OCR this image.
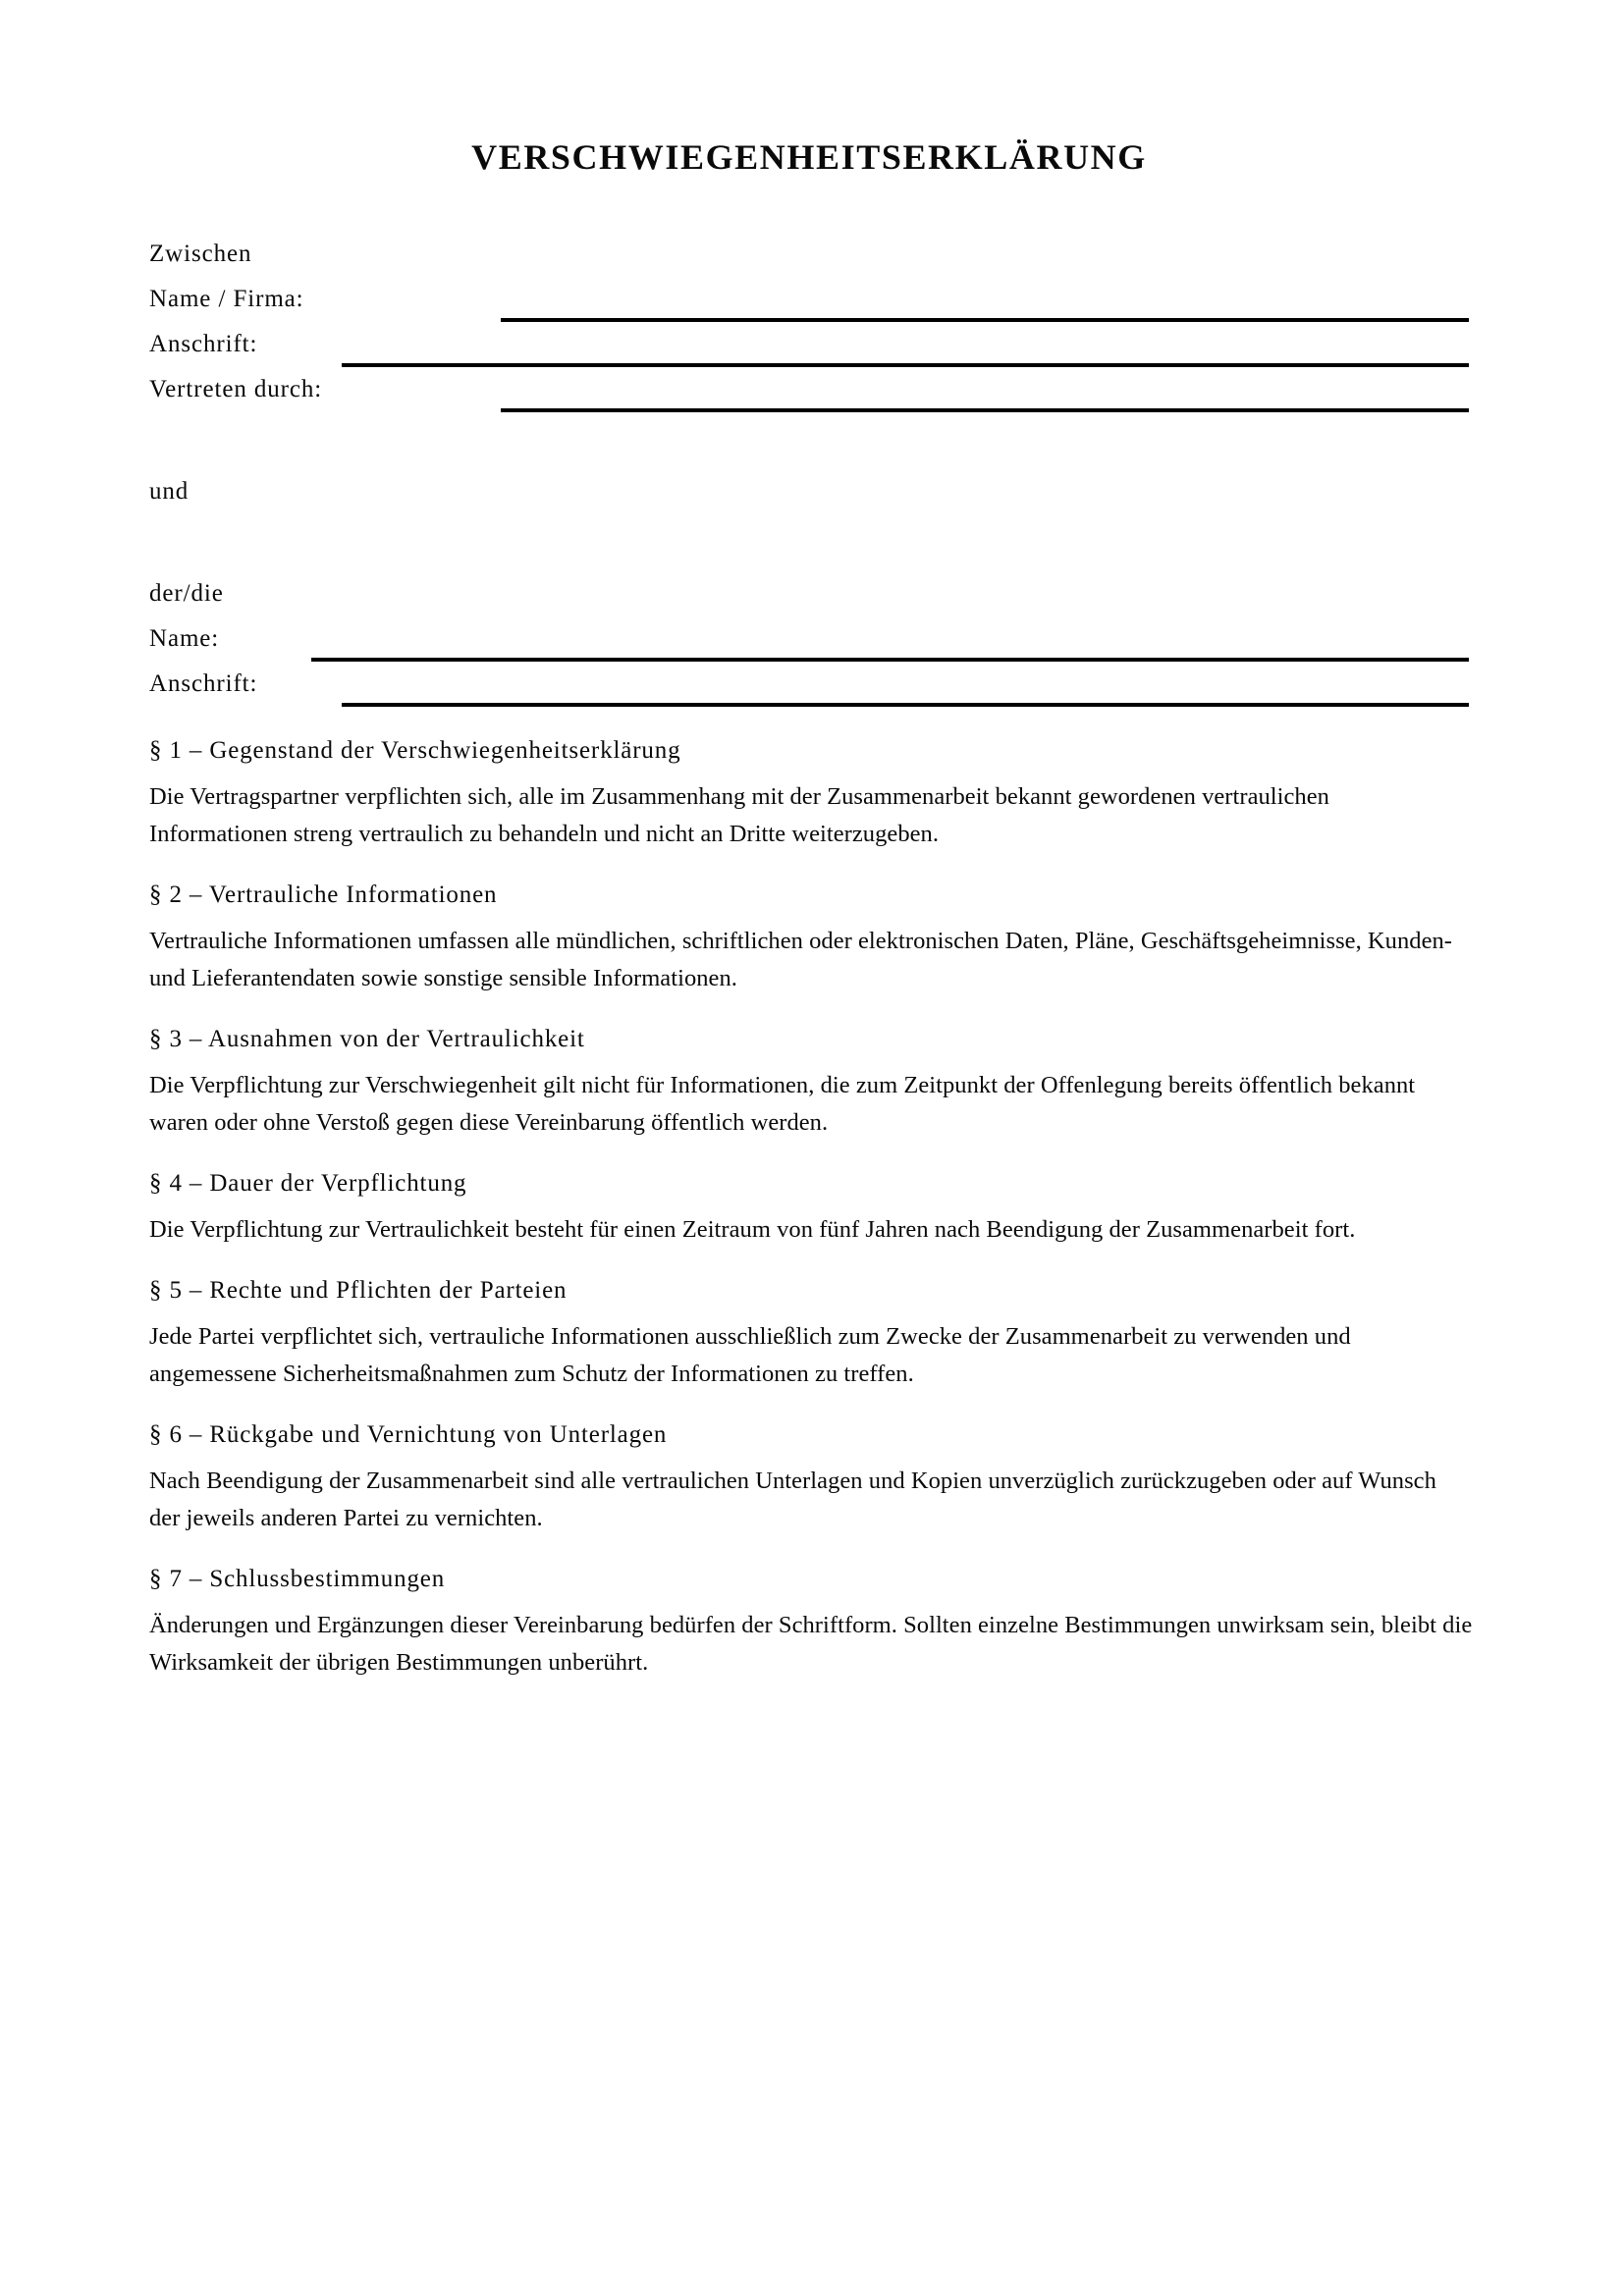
VERSCHWIEGENHEITSERKLÄRUNG
Zwischen
Name / Firma:
Anschrift:
Vertreten durch:
und
der/die
Name:
Anschrift:
§ 1 – Gegenstand der Verschwiegenheitserklärung

Die Vertragspartner verpflichten sich, alle im Zusammenhang mit der Zusammenarbeit bekannt gewordenen vertraulichen Informationen streng vertraulich zu behandeln und nicht an Dritte weiterzugeben.

§ 2 – Vertrauliche Informationen

Vertrauliche Informationen umfassen alle mündlichen, schriftlichen oder elektronischen Daten, Pläne, Geschäftsgeheimnisse, Kunden- und Lieferantendaten sowie sonstige sensible Informationen.

§ 3 – Ausnahmen von der Vertraulichkeit

Die Verpflichtung zur Verschwiegenheit gilt nicht für Informationen, die zum Zeitpunkt der Offenlegung bereits öffentlich bekannt waren oder ohne Verstoß gegen diese Vereinbarung öffentlich werden.

§ 4 – Dauer der Verpflichtung

Die Verpflichtung zur Vertraulichkeit besteht für einen Zeitraum von fünf Jahren nach Beendigung der Zusammenarbeit fort.

§ 5 – Rechte und Pflichten der Parteien

Jede Partei verpflichtet sich, vertrauliche Informationen ausschließlich zum Zwecke der Zusammenarbeit zu verwenden und angemessene Sicherheitsmaßnahmen zum Schutz der Informationen zu treffen.

§ 6 – Rückgabe und Vernichtung von Unterlagen

Nach Beendigung der Zusammenarbeit sind alle vertraulichen Unterlagen und Kopien unverzüglich zurückzugeben oder auf Wunsch der jeweils anderen Partei zu vernichten.

§ 7 – Schlussbestimmungen

Änderungen und Ergänzungen dieser Vereinbarung bedürfen der Schriftform. Sollten einzelne Bestimmungen unwirksam sein, bleibt die Wirksamkeit der übrigen Bestimmungen unberührt.
